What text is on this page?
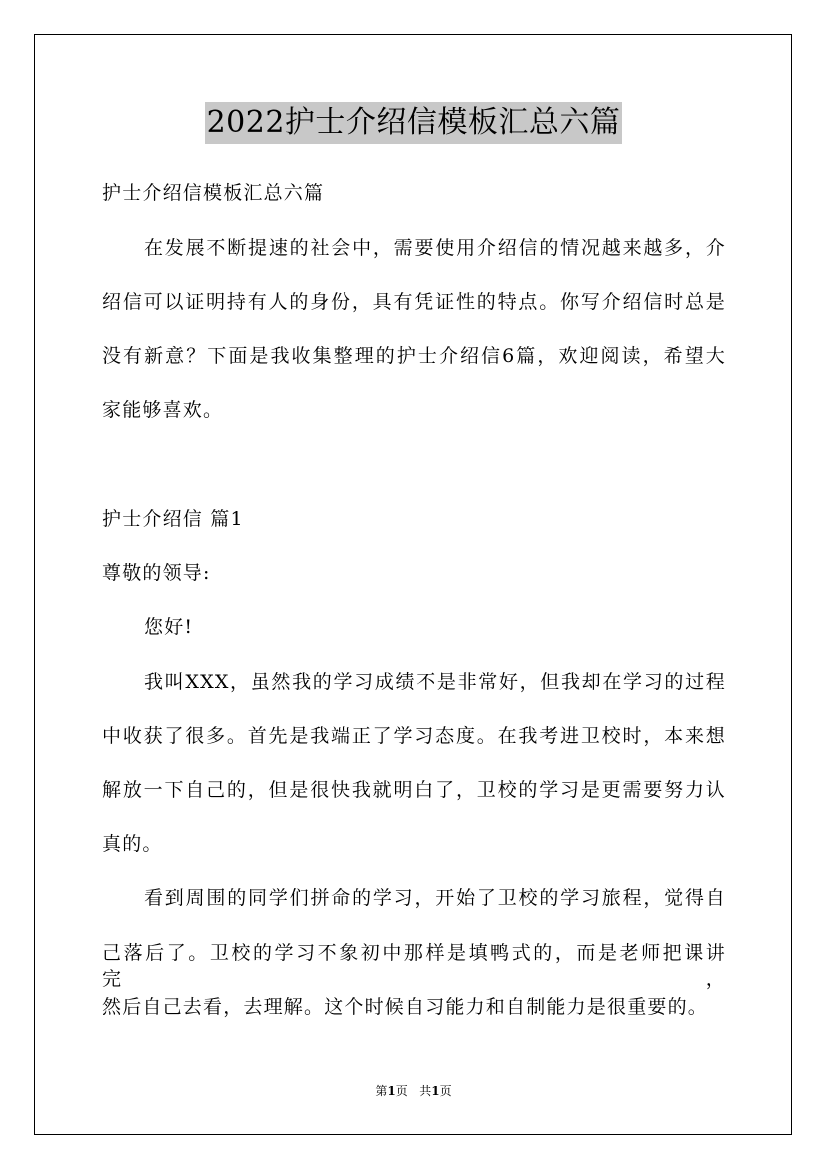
2022护士介绍信模板汇总六篇
护士介绍信模板汇总六篇
在发展不断提速的社会中，需要使用介绍信的情况越来越多，介
绍信可以证明持有人的身份，具有凭证性的特点。你写介绍信时总是
没有新意？下面是我收集整理的护士介绍信6篇，欢迎阅读，希望大
家能够喜欢。
护士介绍信 篇1
尊敬的领导:
您好!
我叫XXX，虽然我的学习成绩不是非常好，但我却在学习的过程
中收获了很多。首先是我端正了学习态度。在我考进卫校时，本来想
解放一下自己的，但是很快我就明白了，卫校的学习是更需要努力认
真的。
看到周围的同学们拼命的学习，开始了卫校的学习旅程，觉得自
己落后了。卫校的学习不象初中那样是填鸭式的，而是老师把课讲完，
然后自己去看，去理解。这个时候自习能力和自制能力是很重要的。
第1页 共1页
